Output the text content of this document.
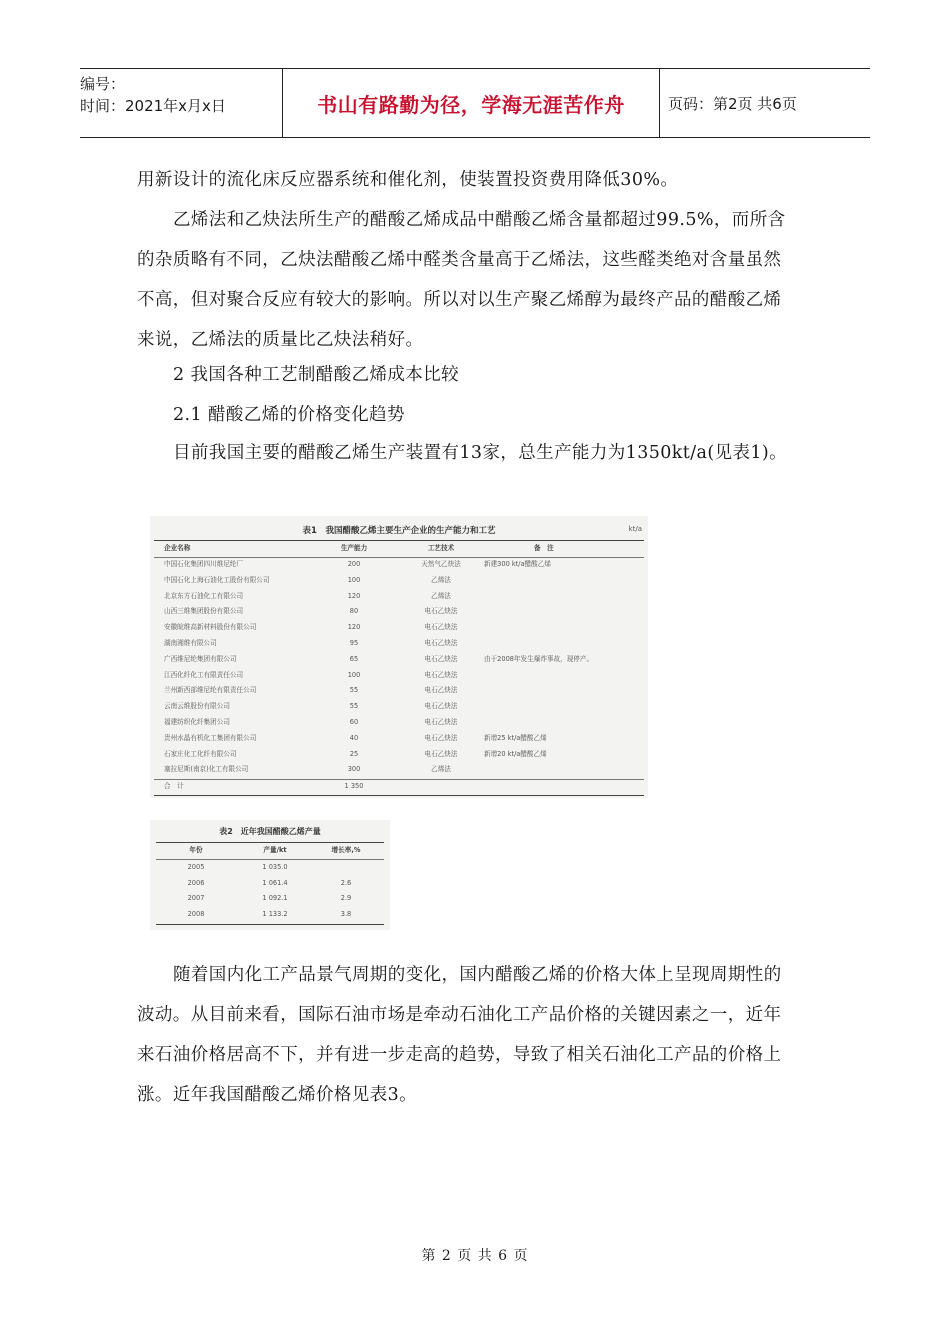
编号：
时间：2021年x月x日	书山有路勤为径，学海无涯苦作舟	页码：第2页 共6页

用新设计的流化床反应器系统和催化剂，使装置投资费用降低30%。

乙烯法和乙炔法所生产的醋酸乙烯成品中醋酸乙烯含量都超过99.5%，而所含的杂质略有不同，乙炔法醋酸乙烯中醛类含量高于乙烯法，这些醛类绝对含量虽然不高，但对聚合反应有较大的影响。所以对以生产聚乙烯醇为最终产品的醋酸乙烯来说，乙烯法的质量比乙炔法稍好。

2 我国各种工艺制醋酸乙烯成本比较

2.1 醋酸乙烯的价格变化趋势

目前我国主要的醋酸乙烯生产装置有13家，总生产能力为1350kt/a(见表1)。

表1　我国醋酸乙烯主要生产企业的生产能力和工艺	kt/a
企业名称	生产能力	工艺技术	备　注
中国石化集团四川维尼纶厂	200	天然气乙炔法	新建300 kt/a醋酸乙烯
中国石化上海石油化工股份有限公司	100	乙烯法
北京东方石油化工有限公司	120	乙烯法
山西三维集团股份有限公司	80	电石乙炔法
安徽皖维高新材料股份有限公司	120	电石乙炔法
湖南湘维有限公司	95	电石乙炔法
广西维尼纶集团有限公司	65	电石乙炔法	由于2008年发生爆炸事故，现停产。
江西化纤化工有限责任公司	100	电石乙炔法
兰州新西部维尼纶有限责任公司	55	电石乙炔法
云南云维股份有限公司	55	电石乙炔法
福建纺织化纤集团公司	60	电石乙炔法
贵州水晶有机化工集团有限公司	40	电石乙炔法	新增25 kt/a醋酸乙烯
石家庄化工化纤有限公司	25	电石乙炔法	新增20 kt/a醋酸乙烯
塞拉尼斯(南京)化工有限公司	300	乙烯法
合　计	1 350
表2　近年我国醋酸乙烯产量
年份	产量/kt	增长率,%
2005	1 035.0
2006	1 061.4	2.6
2007	1 092.1	2.9
2008	1 133.2	3.8

随着国内化工产品景气周期的变化，国内醋酸乙烯的价格大体上呈现周期性的波动。从目前来看，国际石油市场是牵动石油化工产品价格的关键因素之一，近年来石油价格居高不下，并有进一步走高的趋势，导致了相关石油化工产品的价格上涨。近年我国醋酸乙烯价格见表3。

第 2 页 共 6 页
